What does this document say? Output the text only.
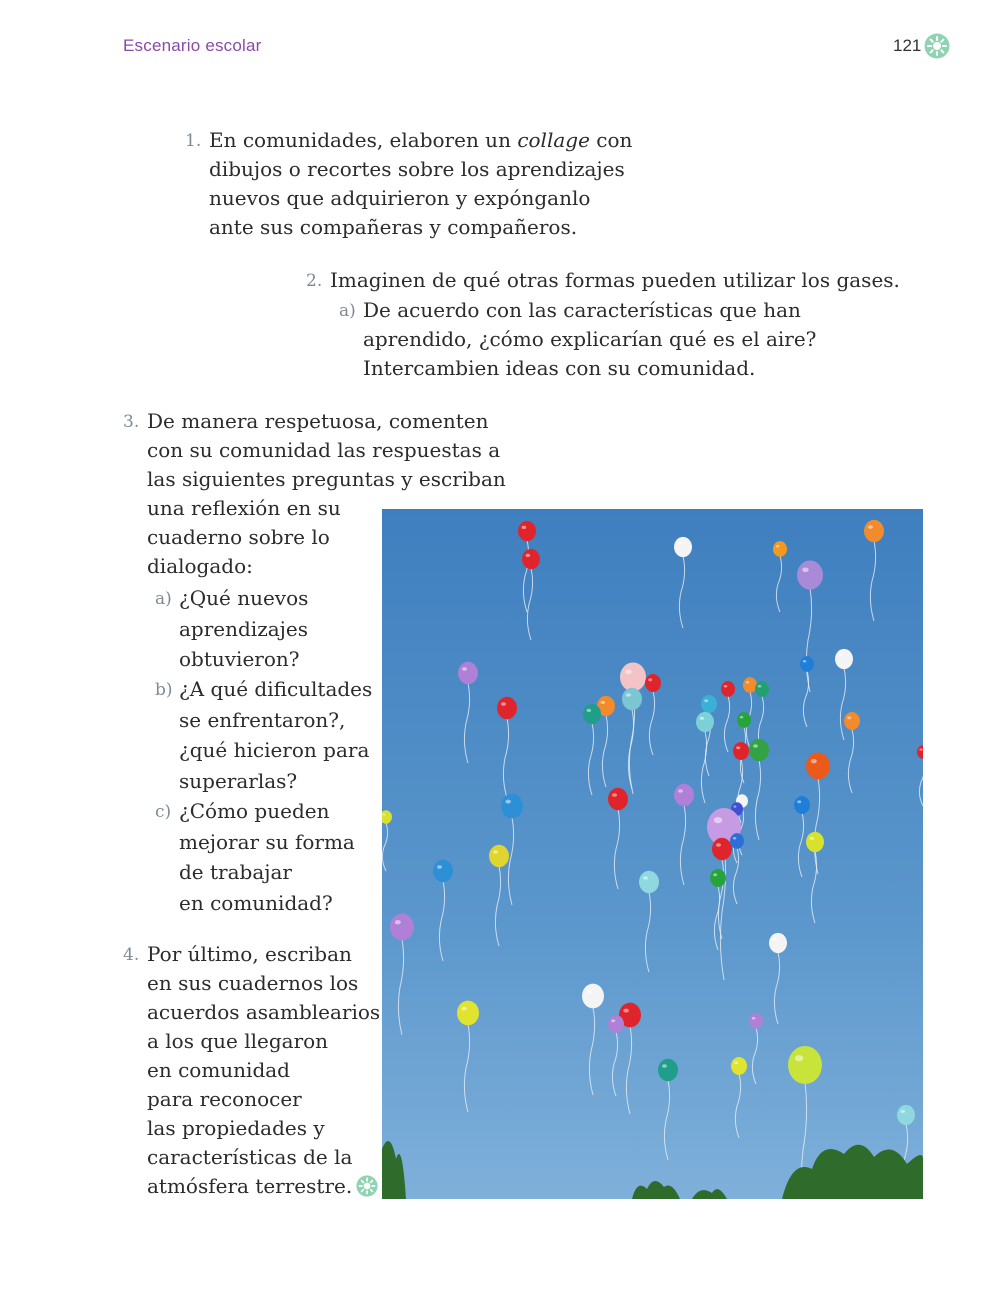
Escenario escolar	121
1. En comunidades, elaboren un collage con
dibujos o recortes sobre los aprendizajes
nuevos que adquirieron y expónganlo
ante sus compañeras y compañeros.
2. Imaginen de qué otras formas pueden utilizar los gases.
a) De acuerdo con las características que han
aprendido, ¿cómo explicarían qué es el aire?
Intercambien ideas con su comunidad.
3. De manera respetuosa, comenten
con su comunidad las respuestas a
las siguientes preguntas y escriban
una reflexión en su
cuaderno sobre lo
dialogado:
a) ¿Qué nuevos
aprendizajes
obtuvieron?
b) ¿A qué dificultades
se enfrentaron?,
¿qué hicieron para
superarlas?
c) ¿Cómo pueden
mejorar su forma
de trabajar
en comunidad?
4. Por último, escriban
en sus cuadernos los
acuerdos asamblearios
a los que llegaron
en comunidad
para reconocer
las propiedades y
características de la
atmósfera terrestre.
